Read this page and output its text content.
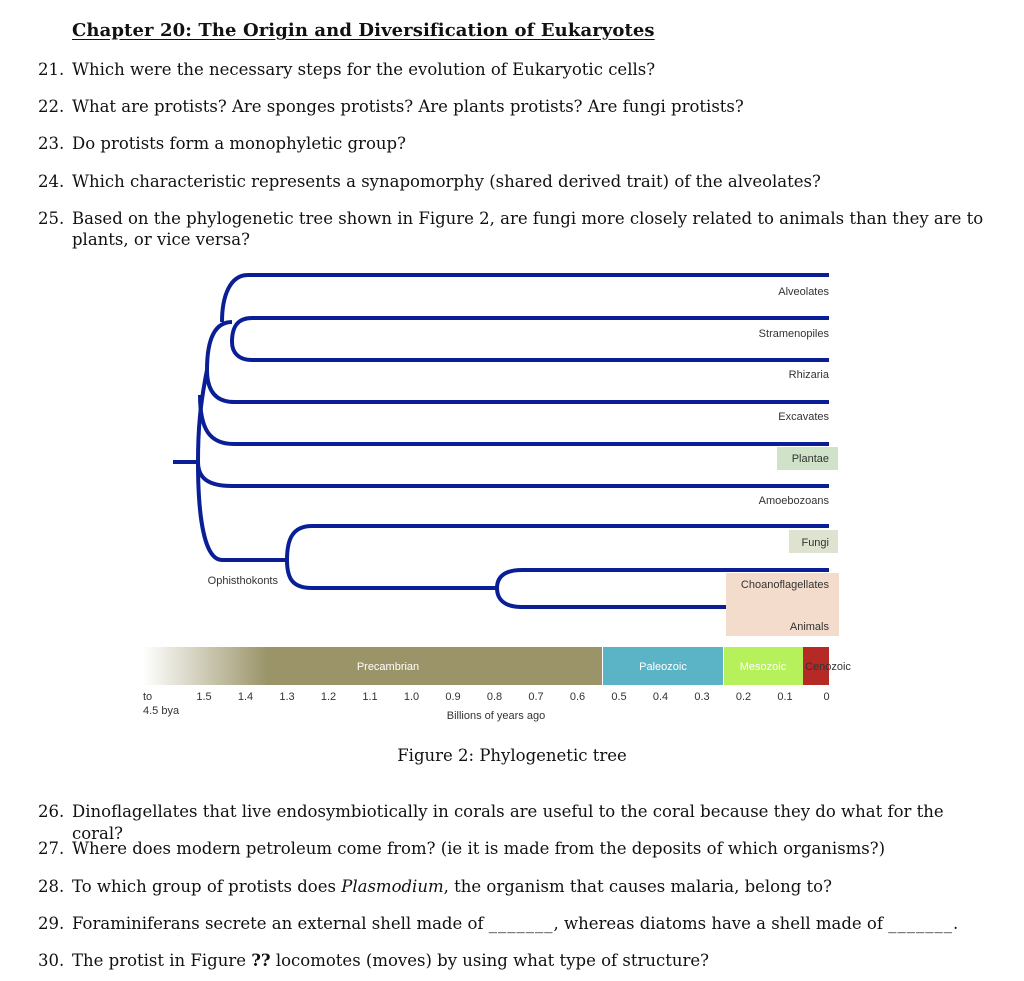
Chapter 20: The Origin and Diversification of Eukaryotes
21. Which were the necessary steps for the evolution of Eukaryotic cells?
22. What are protists? Are sponges protists? Are plants protists? Are fungi protists?
23. Do protists form a monophyletic group?
24. Which characteristic represents a synapomorphy (shared derived trait) of the alveolates?
25. Based on the phylogenetic tree shown in Figure 2, are fungi more closely related to animals than they are to plants, or vice versa?
Alveolates
Stramenopiles
Rhizaria
Excavates
Plantae
Amoebozoans
Fungi
Choanoflagellates
Animals
Ophisthokonts
Precambrian	Paleozoic	Mesozoic Cenozoic
to
4.5 bya
1.5 1.4 1.3 1.2 1.1 1.0 0.9 0.8 0.7 0.6 0.5 0.4 0.3 0.2 0.1	0
Billions of years ago
Figure 2: Phylogenetic tree
26. Dinoflagellates that live endosymbiotically in corals are useful to the coral because they do what for the coral?
27. Where does modern petroleum come from? (ie it is made from the deposits of which organisms?)
28. To which group of protists does Plasmodium, the organism that causes malaria, belong to?
29. Foraminiferans secrete an external shell made of _______, whereas diatoms have a shell made of _______.
30. The protist in Figure ?? locomotes (moves) by using what type of structure?
